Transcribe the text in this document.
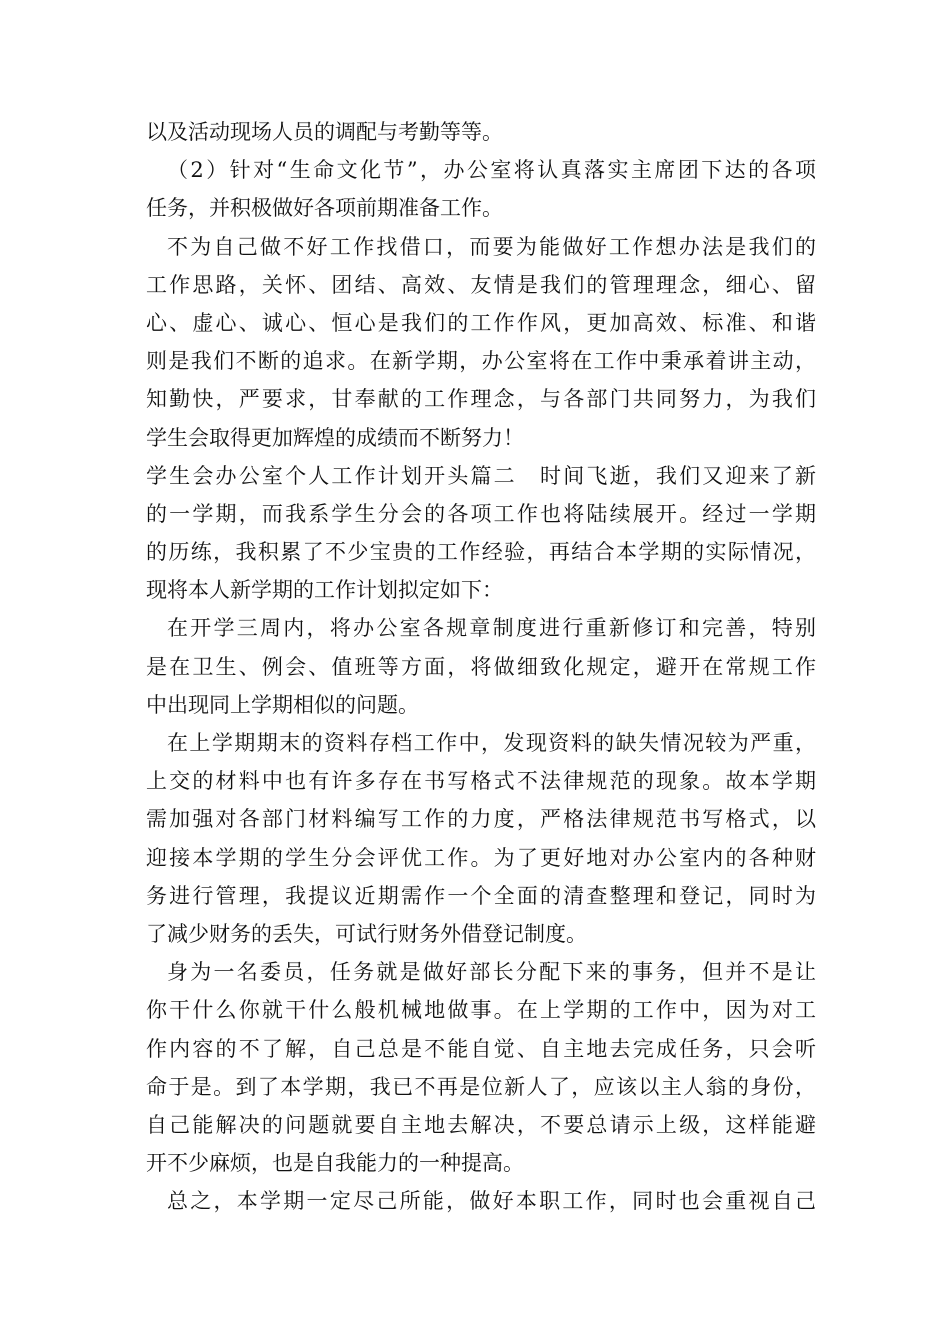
以及活动现场人员的调配与考勤等等。
（2）针对“生命文化节”，办公室将认真落实主席团下达的各项
任务，并积极做好各项前期准备工作。
不为自己做不好工作找借口，而要为能做好工作想办法是我们的
工作思路，关怀、团结、高效、友情是我们的管理理念，细心、留
心、虚心、诚心、恒心是我们的工作作风，更加高效、标准、和谐
则是我们不断的追求。在新学期，办公室将在工作中秉承着讲主动，
知勤快，严要求，甘奉献的工作理念，与各部门共同努力，为我们
学生会取得更加辉煌的成绩而不断努力！
学生会办公室个人工作计划开头篇二　时间飞逝，我们又迎来了新
的一学期，而我系学生分会的各项工作也将陆续展开。经过一学期
的历练，我积累了不少宝贵的工作经验，再结合本学期的实际情况，
现将本人新学期的工作计划拟定如下：
在开学三周内，将办公室各规章制度进行重新修订和完善，特别
是在卫生、例会、值班等方面，将做细致化规定，避开在常规工作
中出现同上学期相似的问题。
在上学期期末的资料存档工作中，发现资料的缺失情况较为严重，
上交的材料中也有许多存在书写格式不法律规范的现象。故本学期
需加强对各部门材料编写工作的力度，严格法律规范书写格式，以
迎接本学期的学生分会评优工作。为了更好地对办公室内的各种财
务进行管理，我提议近期需作一个全面的清查整理和登记，同时为
了减少财务的丢失，可试行财务外借登记制度。
身为一名委员，任务就是做好部长分配下来的事务，但并不是让
你干什么你就干什么般机械地做事。在上学期的工作中，因为对工
作内容的不了解，自己总是不能自觉、自主地去完成任务，只会听
命于是。到了本学期，我已不再是位新人了，应该以主人翁的身份，
自己能解决的问题就要自主地去解决，不要总请示上级，这样能避
开不少麻烦，也是自我能力的一种提高。
总之，本学期一定尽己所能，做好本职工作，同时也会重视自己
